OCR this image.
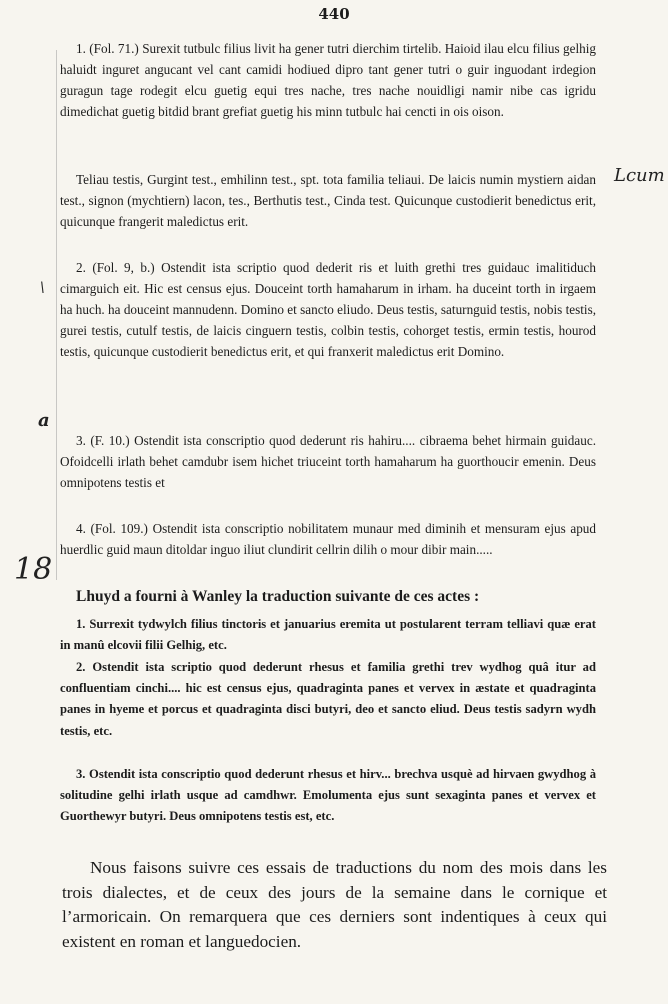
440

1. (Fol. 71.) Surexit tutbulc filius livit ha gener tutri dierchim tirtelib. Haioid ilau elcu filius gelhig haluidt inguret angucant vel cant camidi hodiued dipro tant gener tutri o guir inguodant irdegion guragun tage rodegit elcu guetig equi tres nache, tres nache nouidligi namir nibe cas igridu dimedichat guetig bitdid brant grefiat guetig his minn tutbulc hai cencti in ois oison.

Teliau testis, Gurgint test., emhilinn test., spt. tota familia teliaui. De laicis numin mystiern aidan test., signon (mychtiern) lacon, tes., Berthutis test., Cinda test. Quicunque custodierit benedictus erit, quicunque frangerit maledictus erit.

2. (Fol. 9, b.) Ostendit ista scriptio quod dederit ris et luith grethi tres guidauc imalitiduch cimarguich eit. Hic est census ejus. Douceint torth hamaharum in irham. ha duceint torth in irgaem ha huch. ha douceint mannudenn. Domino et sancto eliudo. Deus testis, saturnguid testis, nobis testis, gurei testis, cutulf testis, de laicis cinguern testis, colbin testis, cohorget testis, ermin testis, hourod testis, quicunque custodierit benedictus erit, et qui franxerit maledictus erit Domino.

3. (F. 10.) Ostendit ista conscriptio quod dederunt ris hahiru.... cibraema behet hirmain guidauc. Ofoidcelli irlath behet camdubr isem hichet triuceint torth hamaharum ha guorthoucir emenin. Deus omnipotens testis et

4. (Fol. 109.) Ostendit ista conscriptio nobilitatem munaur med diminih et mensuram ejus apud huerdlic guid maun ditoldar inguo iliut clundirit cellrin dilih o mour dibir main.....

Lhuyd a fourni à Wanley la traduction suivante de ces actes :

1. Surrexit tydwylch filius tinctoris et januarius eremita ut postularent terram telliavi quæ erat in manû elcovii filii Gelhig, etc.

2. Ostendit ista scriptio quod dederunt rhesus et familia grethi trev wydhog quâ itur ad confluentiam cinchi.... hic est census ejus, quadraginta panes et vervex in æstate et quadraginta panes in hyeme et porcus et quadraginta disci butyri, deo et sancto eliud. Deus testis sadyrn wydh testis, etc.

3. Ostendit ista conscriptio quod dederunt rhesus et hirv... brechva usquè ad hirvaen gwydhog à solitudine gelhi irlath usque ad camdhwr. Emolumenta ejus sunt sexaginta panes et vervex et Guorthewyr butyri. Deus omnipotens testis est, etc.

Nous faisons suivre ces essais de traductions du nom des mois dans les trois dialectes, et de ceux des jours de la semaine dans le cornique et l’armoricain. On remarquera que ces derniers sont indentiques à ceux qui existent en roman et languedocien.

Lcum
\
a
18
